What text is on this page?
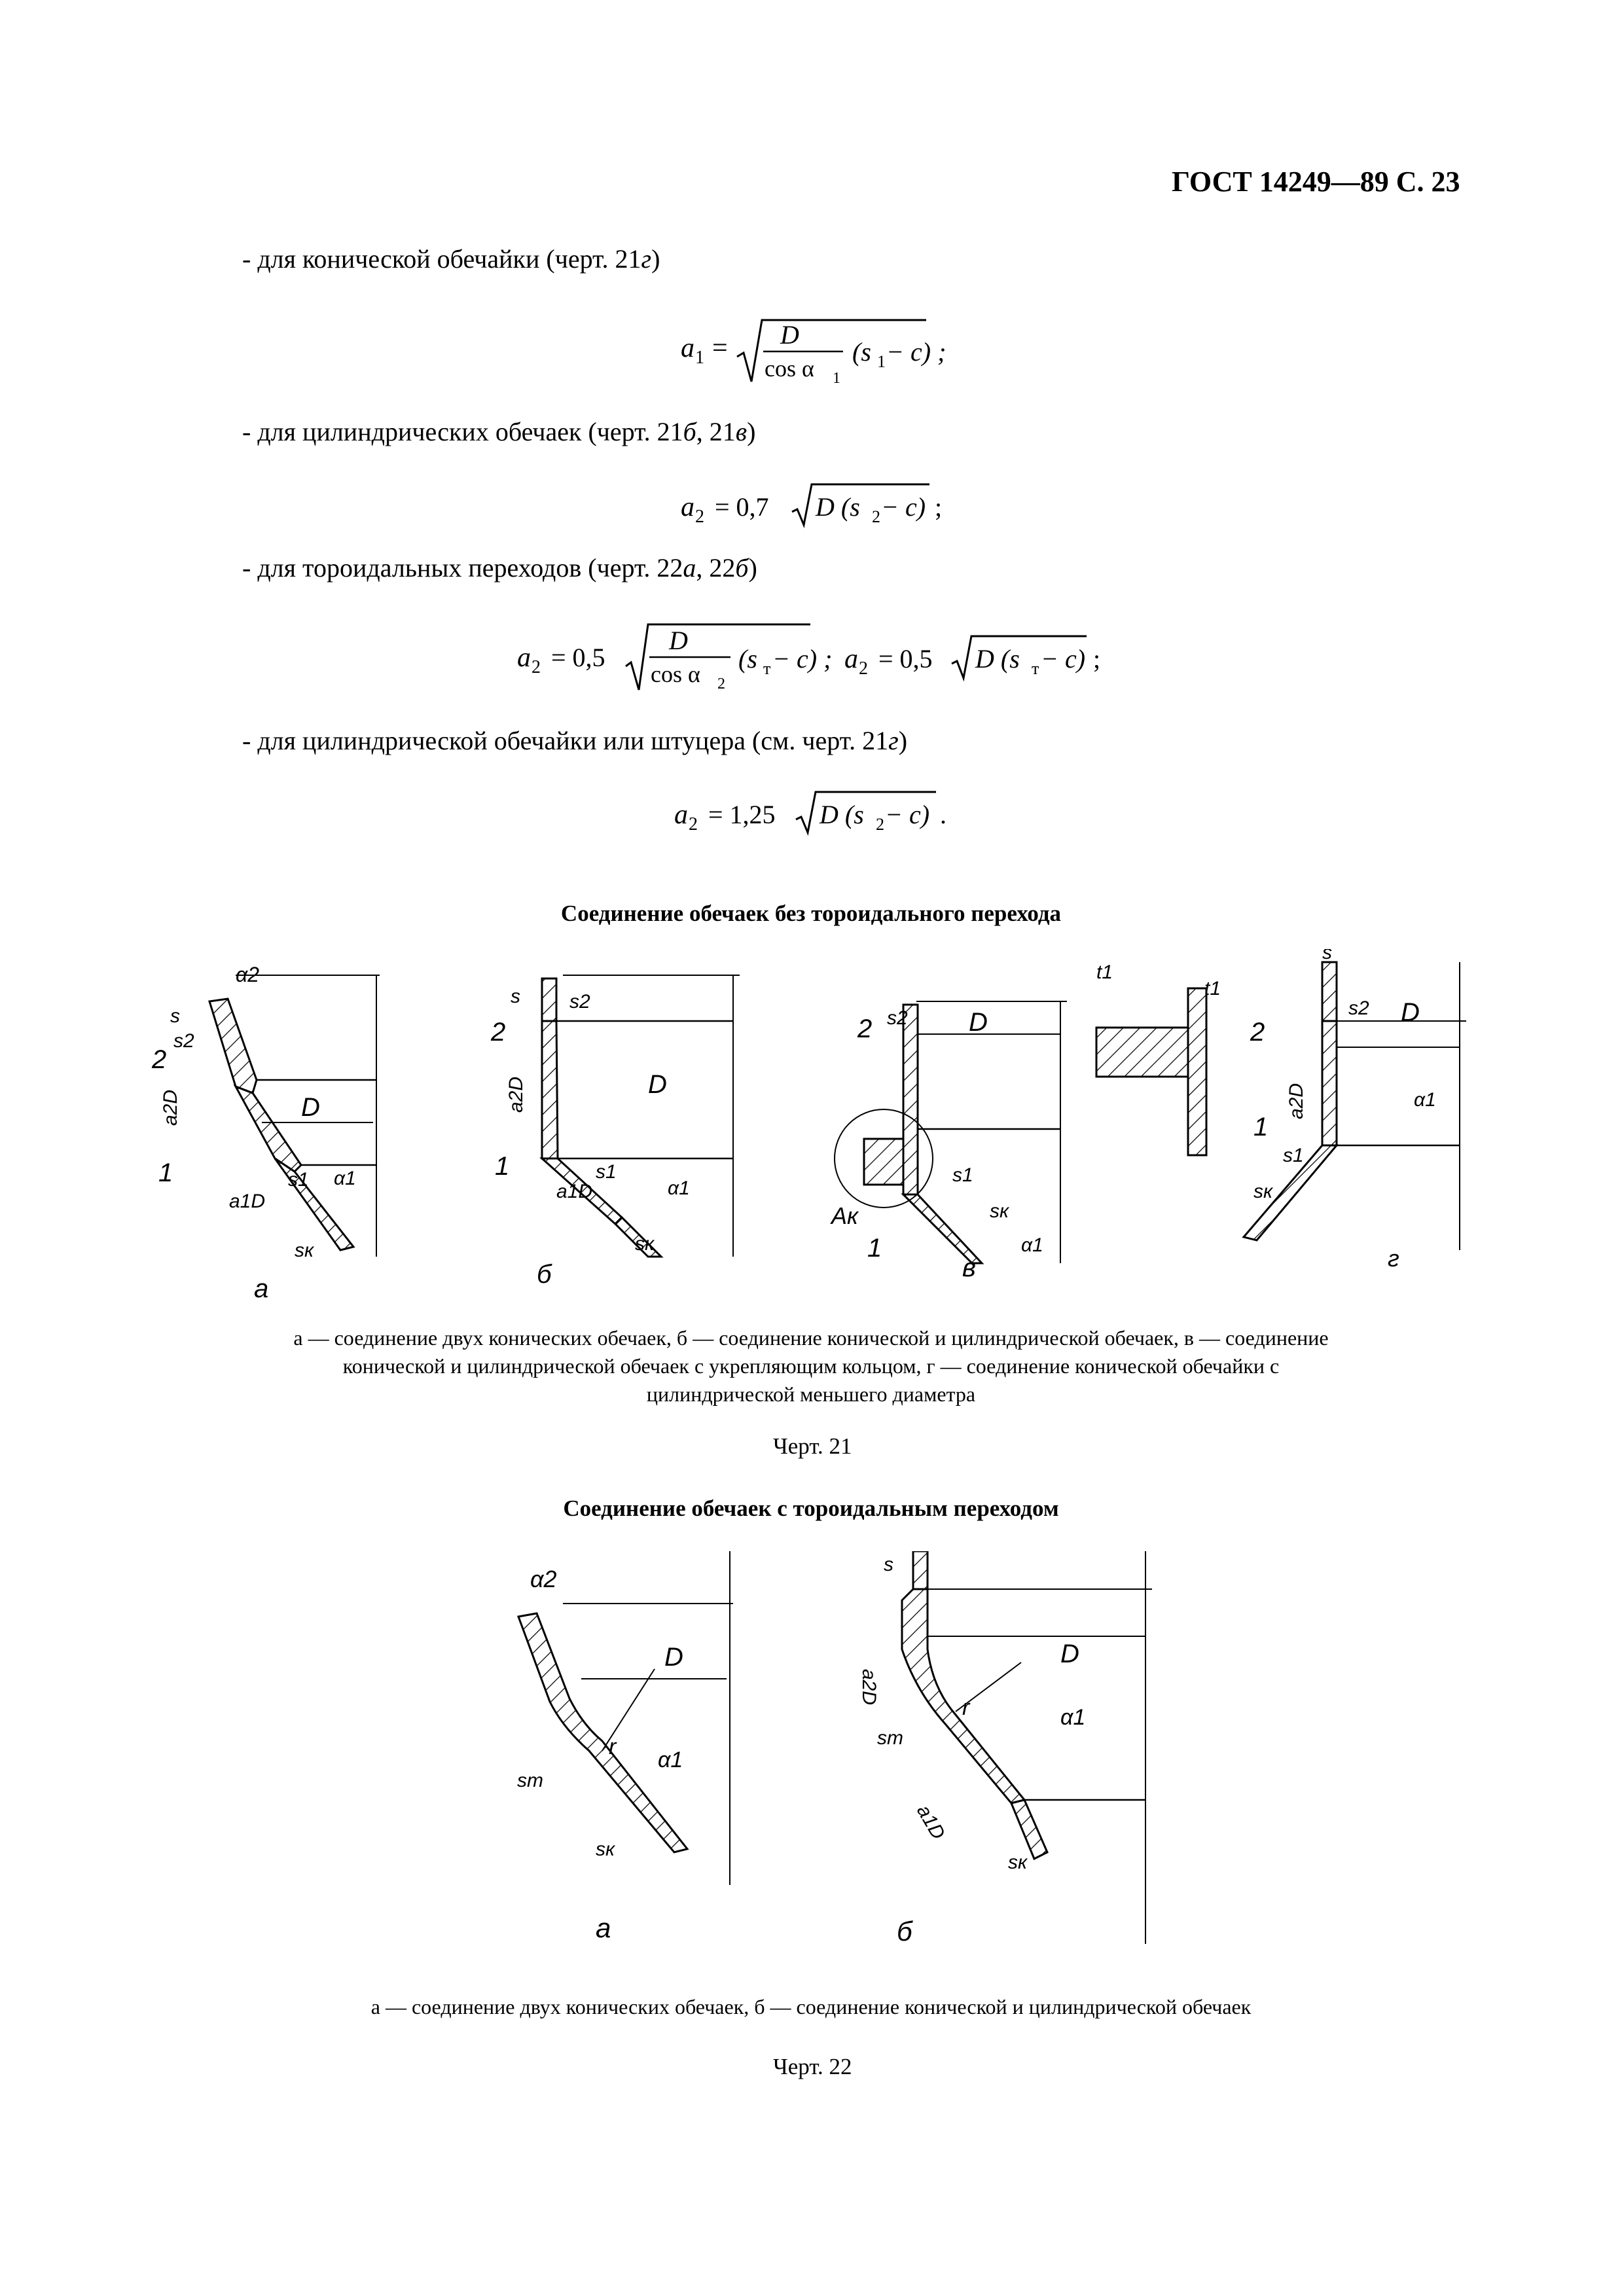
ГОСТ 14249—89 С. 23
- для конической обечайки (черт. 21г)
a 1 = D
cos α 1
(s 1 − c) ;
- для цилиндрических обечаек (черт. 21б, 21в)
a 2 = 0,7 D (s 2 − c) ;
- для тороидальных переходов (черт. 22а, 22б)
a 2 = 0,5
D
cos α 2
(s т − c) ; a 2 = 0,5 D (s т − c) ;
- для цилиндрической обечайки или штуцера (см. черт. 21г)
a 2 = 1,25 D (s 2 − c) .
Соединение обечаек без тороидального перехода
D
α2
s
s2
2
1
a2D
s1 α1
a1D
sк
а
s	s2
D
2
1
a2D
s1
α1
a1D
sк
б
D
s2
2
1
Ак
s1
sк
α1
в
t1
t1
s
s2 D
2
1
a2D
s1
sк
α1
г
а — соединение двух конических обечаек, б — соединение конической и цилиндрической обечаек, в — соединение
конической и цилиндрической обечаек с укрепляющим кольцом, г — соединение конической обечайки с
цилиндрической меньшего диаметра
Черт. 21
Соединение обечаек с тороидальным переходом
D
α2
r
sт
α1
sк
а
s
D
a2D
r
sт
α1
a1D
sк
б
а — соединение двух конических обечаек, б — соединение конической и цилиндрической обечаек
Черт. 22
